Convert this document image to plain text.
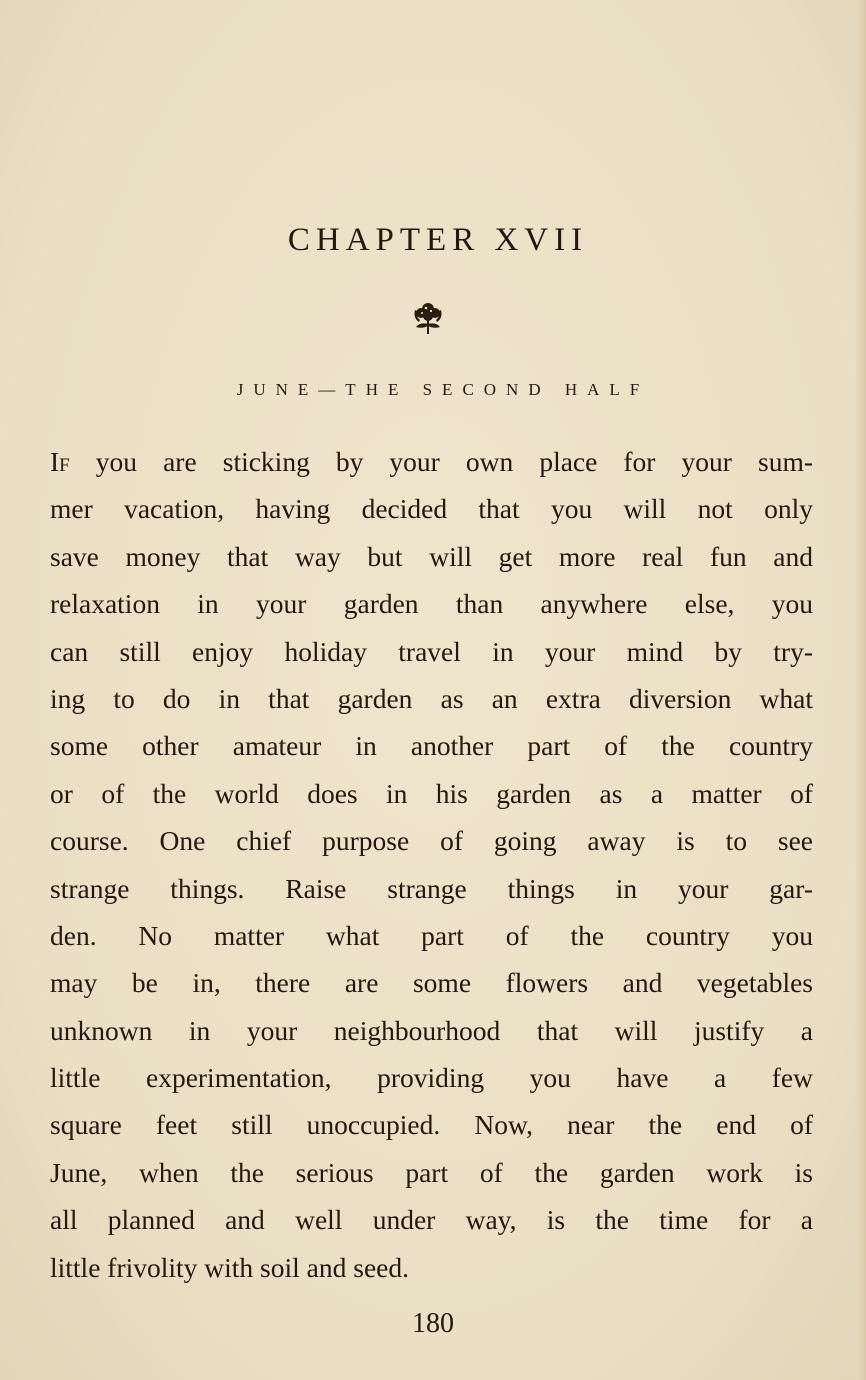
CHAPTER XVII
JUNE—THE SECOND HALF
If you are sticking by your own place for your sum-
mer vacation, having decided that you will not only
save money that way but will get more real fun and
relaxation in your garden than anywhere else, you
can still enjoy holiday travel in your mind by try-
ing to do in that garden as an extra diversion what
some other amateur in another part of the country
or of the world does in his garden as a matter of
course. One chief purpose of going away is to see
strange things. Raise strange things in your gar-
den. No matter what part of the country you
may be in, there are some flowers and vegetables
unknown in your neighbourhood that will justify a
little experimentation, providing you have a few
square feet still unoccupied. Now, near the end of
June, when the serious part of the garden work is
all planned and well under way, is the time for a
little frivolity with soil and seed.
180
